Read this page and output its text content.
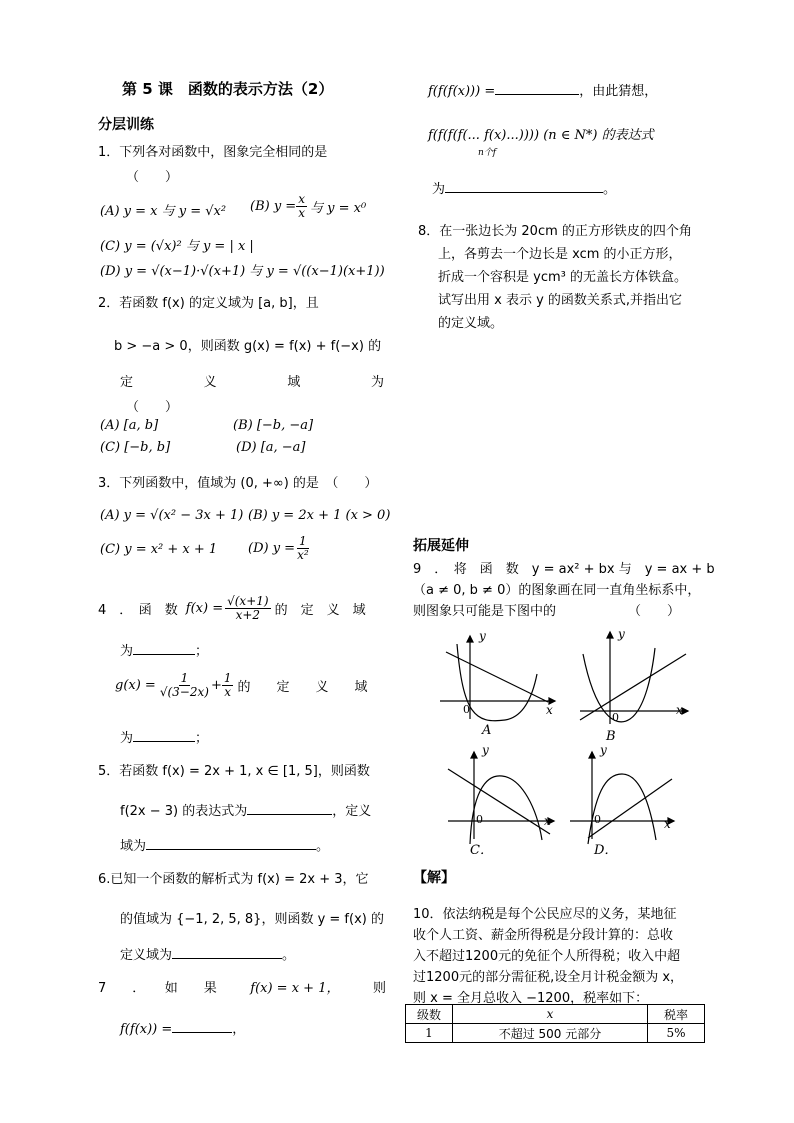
第 5 课　函数的表示方法（2）
分层训练
1．下列各对函数中，图象完全相同的是
（　　）
(A) y = x 与 y = √x² (B) $y = \frac{x}{x}$ 与 y = x⁰
(C) y = (√x)² 与 y = | x |
(D) y = √(x−1)·√(x+1) 与 y = √((x−1)(x+1))
2．若函数 f(x) 的定义域为 [a, b]，且
b > −a > 0，则函数 g(x) = f(x) + f(−x) 的
定	义	域	为
（　　）
(A) [a, b]	(B) [−b, −a]
(C) [−b, b]	(D) [a, −a]
3．下列函数中，值域为 (0, +∞) 的是　（　　）
(A) y = √(x² − 3x + 1) (B) y = 2x + 1 (x > 0)
(C) y = x² + x + 1 (D) $y = \frac{1}{\text{x²}}$
4　．　函　数 $f(x) = \frac{√(x+1)}{x+2}$ 的　定　义　域
为	；
$g(x) = \frac{1}{√(3-2x)} + \frac{1}{x}$ 的　　定　　义　　域
为	；
5．若函数 f(x) = 2x + 1, x ∈ [1, 5]，则函数
f(2x − 3) 的表达式为	，定义
域为	。
6.已知一个函数的解析式为 f(x) = 2x + 3，它
的值域为 {−1, 2, 5, 8}，则函数 y = f(x) 的
定义域为	。
7　　．　　如　　果	f(x) = x + 1，	则
f(f(x)) =	，
f(f(f(x))) =	，由此猜想，
f(f(f(f(... f(x)...)))) (n ∈ N*) 的表达式
n个f
为	。
8．在一张边长为 20cm 的正方形铁皮的四个角
上，各剪去一个边长是 xcm 的小正方形，
折成一个容积是 ycm³ 的无盖长方体铁盒。
试写出用 x 表示 y 的函数关系式,并指出它
的定义域。
拓展延伸
9　．　将　函　数　y = ax² + bx 与　y = ax + b
（a ≠ 0, b ≠ 0）的图象画在同一直角坐标系中，
则图象只可能是下图中的	（　　）
y
x
y
x
y
x
y
x
0
0
0	0
A	B
C．	D．
【解】
10．依法纳税是每个公民应尽的义务，某地征
收个人工资、薪金所得税是分段计算的：总收
入不超过1200元的免征个人所得税；收入中超
过1200元的部分需征税,设全月计税金额为 x，
则 x = 全月总收入 −1200，税率如下：
级数	x	税率
1	不超过 500 元部分	5%
